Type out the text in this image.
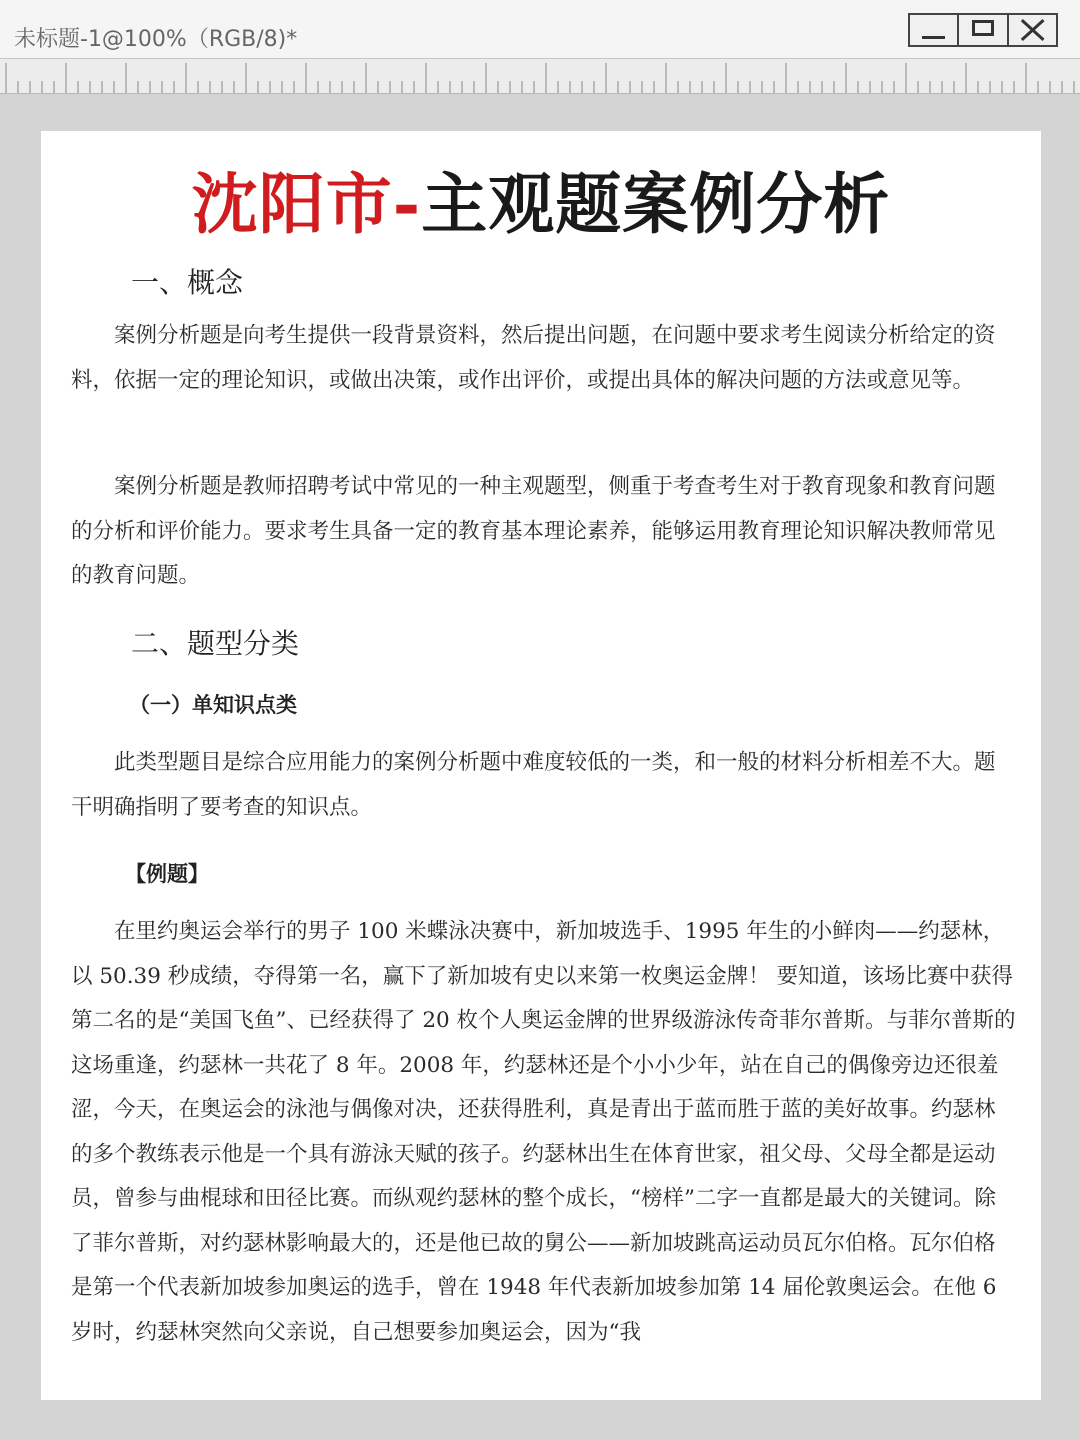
未标题-1@100%（RGB/8)*
沈阳市-主观题案例分析
一、概念

案例分析题是向考生提供一段背景资料，然后提出问题，在问题中要求考生阅读分析给定的资料，依据一定的理论知识，或做出决策，或作出评价，或提出具体的解决问题的方法或意见等。

案例分析题是教师招聘考试中常见的一种主观题型，侧重于考查考生对于教育现象和教育问题的分析和评价能力。要求考生具备一定的教育基本理论素养，能够运用教育理论知识解决教师常见的教育问题。

二、题型分类
（一）单知识点类

此类型题目是综合应用能力的案例分析题中难度较低的一类，和一般的材料分析相差不大。题干明确指明了要考查的知识点。

【例题】

在里约奥运会举行的男子 100 米蝶泳决赛中，新加坡选手、1995 年生的小鲜肉——约瑟林，以 50.39 秒成绩，夺得第一名，赢下了新加坡有史以来第一枚奥运金牌！ 要知道，该场比赛中获得第二名的是“美国飞鱼”、已经获得了 20 枚个人奥运金牌的世界级游泳传奇菲尔普斯。与菲尔普斯的这场重逢，约瑟林一共花了 8 年。2008 年，约瑟林还是个小小少年，站在自己的偶像旁边还很羞涩，今天，在奥运会的泳池与偶像对决，还获得胜利，真是青出于蓝而胜于蓝的美好故事。约瑟林的多个教练表示他是一个具有游泳天赋的孩子。约瑟林出生在体育世家，祖父母、父母全都是运动员，曾参与曲棍球和田径比赛。而纵观约瑟林的整个成长，“榜样”二字一直都是最大的关键词。除了菲尔普斯，对约瑟林影响最大的，还是他已故的舅公——新加坡跳高运动员瓦尔伯格。瓦尔伯格是第一个代表新加坡参加奥运的选手，曾在 1948 年代表新加坡参加第 14 届伦敦奥运会。在他 6 岁时，约瑟林突然向父亲说，自己想要参加奥运会，因为“我
